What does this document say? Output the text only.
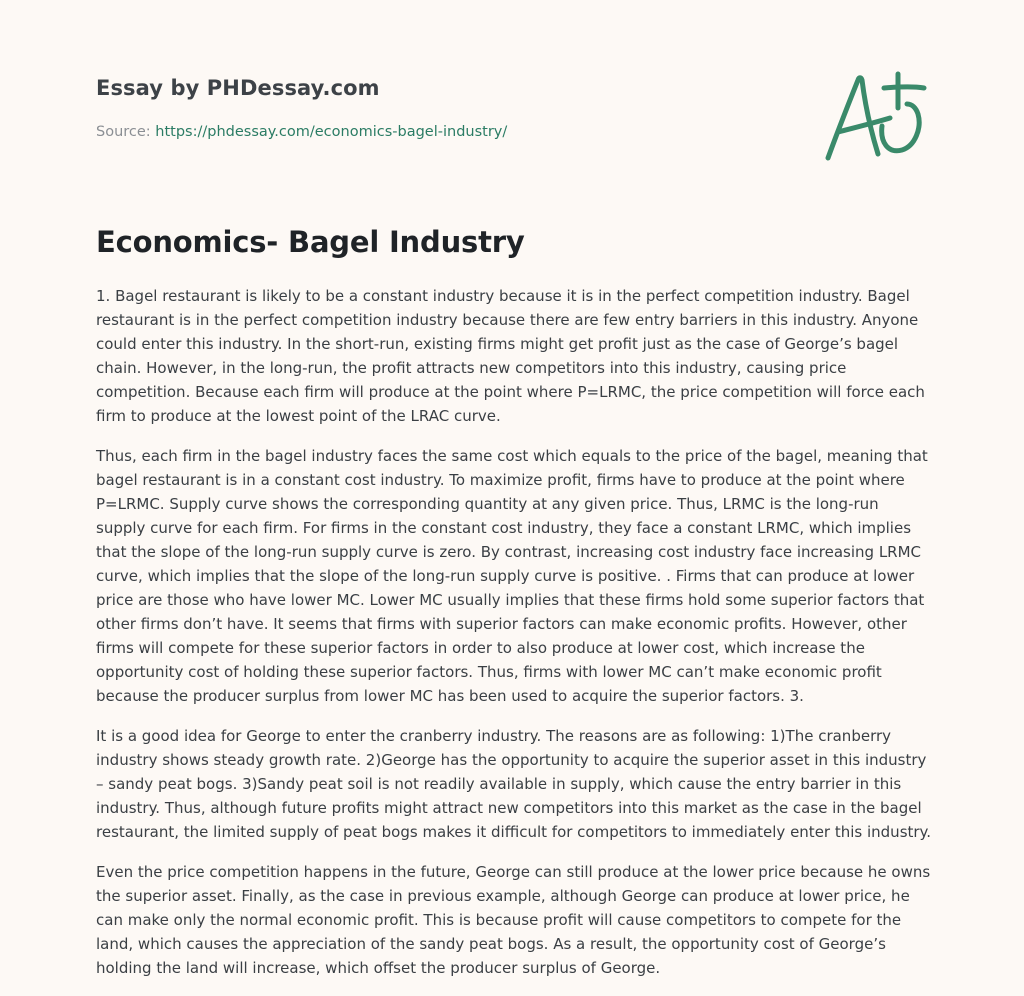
Essay by PHDessay.com
Source: https://phdessay.com/economics-bagel-industry/
Economics- Bagel Industry

1. Bagel restaurant is likely to be a constant industry because it is in the perfect competition industry. Bagel restaurant is in the perfect competition industry because there are few entry barriers in this industry. Anyone could enter this industry. In the short-run, existing firms might get profit just as the case of George’s bagel chain. However, in the long-run, the profit attracts new competitors into this industry, causing price competition. Because each firm will produce at the point where P=LRMC, the price competition will force each firm to produce at the lowest point of the LRAC curve.

Thus, each firm in the bagel industry faces the same cost which equals to the price of the bagel, meaning that bagel restaurant is in a constant cost industry. To maximize profit, firms have to produce at the point where P=LRMC. Supply curve shows the corresponding quantity at any given price. Thus, LRMC is the long-run supply curve for each firm. For firms in the constant cost industry, they face a constant LRMC, which implies that the slope of the long-run supply curve is zero. By contrast, increasing cost industry face increasing LRMC curve, which implies that the slope of the long-run supply curve is positive. . Firms that can produce at lower price are those who have lower MC. Lower MC usually implies that these firms hold some superior factors that other firms don’t have. It seems that firms with superior factors can make economic profits. However, other firms will compete for these superior factors in order to also produce at lower cost, which increase the opportunity cost of holding these superior factors. Thus, firms with lower MC can’t make economic profit because the producer surplus from lower MC has been used to acquire the superior factors. 3.

It is a good idea for George to enter the cranberry industry. The reasons are as following: 1)The cranberry industry shows steady growth rate. 2)George has the opportunity to acquire the superior asset in this industry – sandy peat bogs. 3)Sandy peat soil is not readily available in supply, which cause the entry barrier in this industry. Thus, although future profits might attract new competitors into this market as the case in the bagel restaurant, the limited supply of peat bogs makes it difficult for competitors to immediately enter this industry.

Even the price competition happens in the future, George can still produce at the lower price because he owns the superior asset. Finally, as the case in previous example, although George can produce at lower price, he can make only the normal economic profit. This is because profit will cause competitors to compete for the land, which causes the appreciation of the sandy peat bogs. As a result, the opportunity cost of George’s holding the land will increase, which offset the producer surplus of George.
